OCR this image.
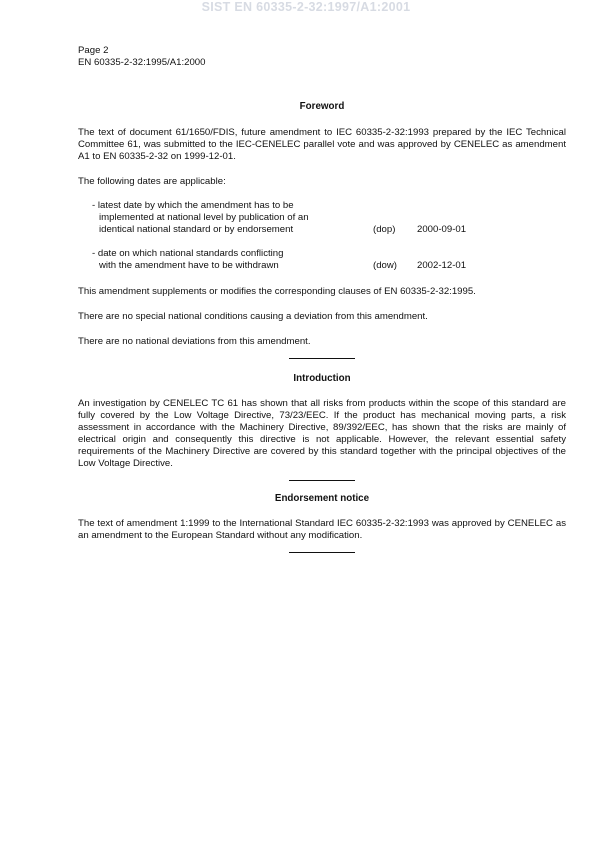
SIST EN 60335-2-32:1997/A1:2001
Page 2
EN 60335-2-32:1995/A1:2000
Foreword

The text of document 61/1650/FDIS, future amendment to IEC 60335-2-32:1993 prepared by the IEC Technical Committee 61, was submitted to the IEC-CENELEC parallel vote and was approved by CENELEC as amendment A1 to EN 60335-2-32 on 1999-12-01.

The following dates are applicable:

- latest date by which the amendment has to be
implemented at national level by publication of an
identical national standard or by endorsement	(dop) 2000-09-01
- date on which national standards conflicting
with the amendment have to be withdrawn	(dow) 2002-12-01

This amendment supplements or modifies the corresponding clauses of EN 60335-2-32:1995.

There are no special national conditions causing a deviation from this amendment.

There are no national deviations from this amendment.

Introduction

An investigation by CENELEC TC 61 has shown that all risks from products within the scope of this standard are fully covered by the Low Voltage Directive, 73/23/EEC. If the product has mechanical moving parts, a risk assessment in accordance with the Machinery Directive, 89/392/EEC, has shown that the risks are mainly of electrical origin and consequently this directive is not applicable. However, the relevant essential safety requirements of the Machinery Directive are covered by this standard together with the principal objectives of the Low Voltage Directive.

Endorsement notice

The text of amendment 1:1999 to the International Standard IEC 60335-2-32:1993 was approved by CENELEC as an amendment to the European Standard without any modification.
